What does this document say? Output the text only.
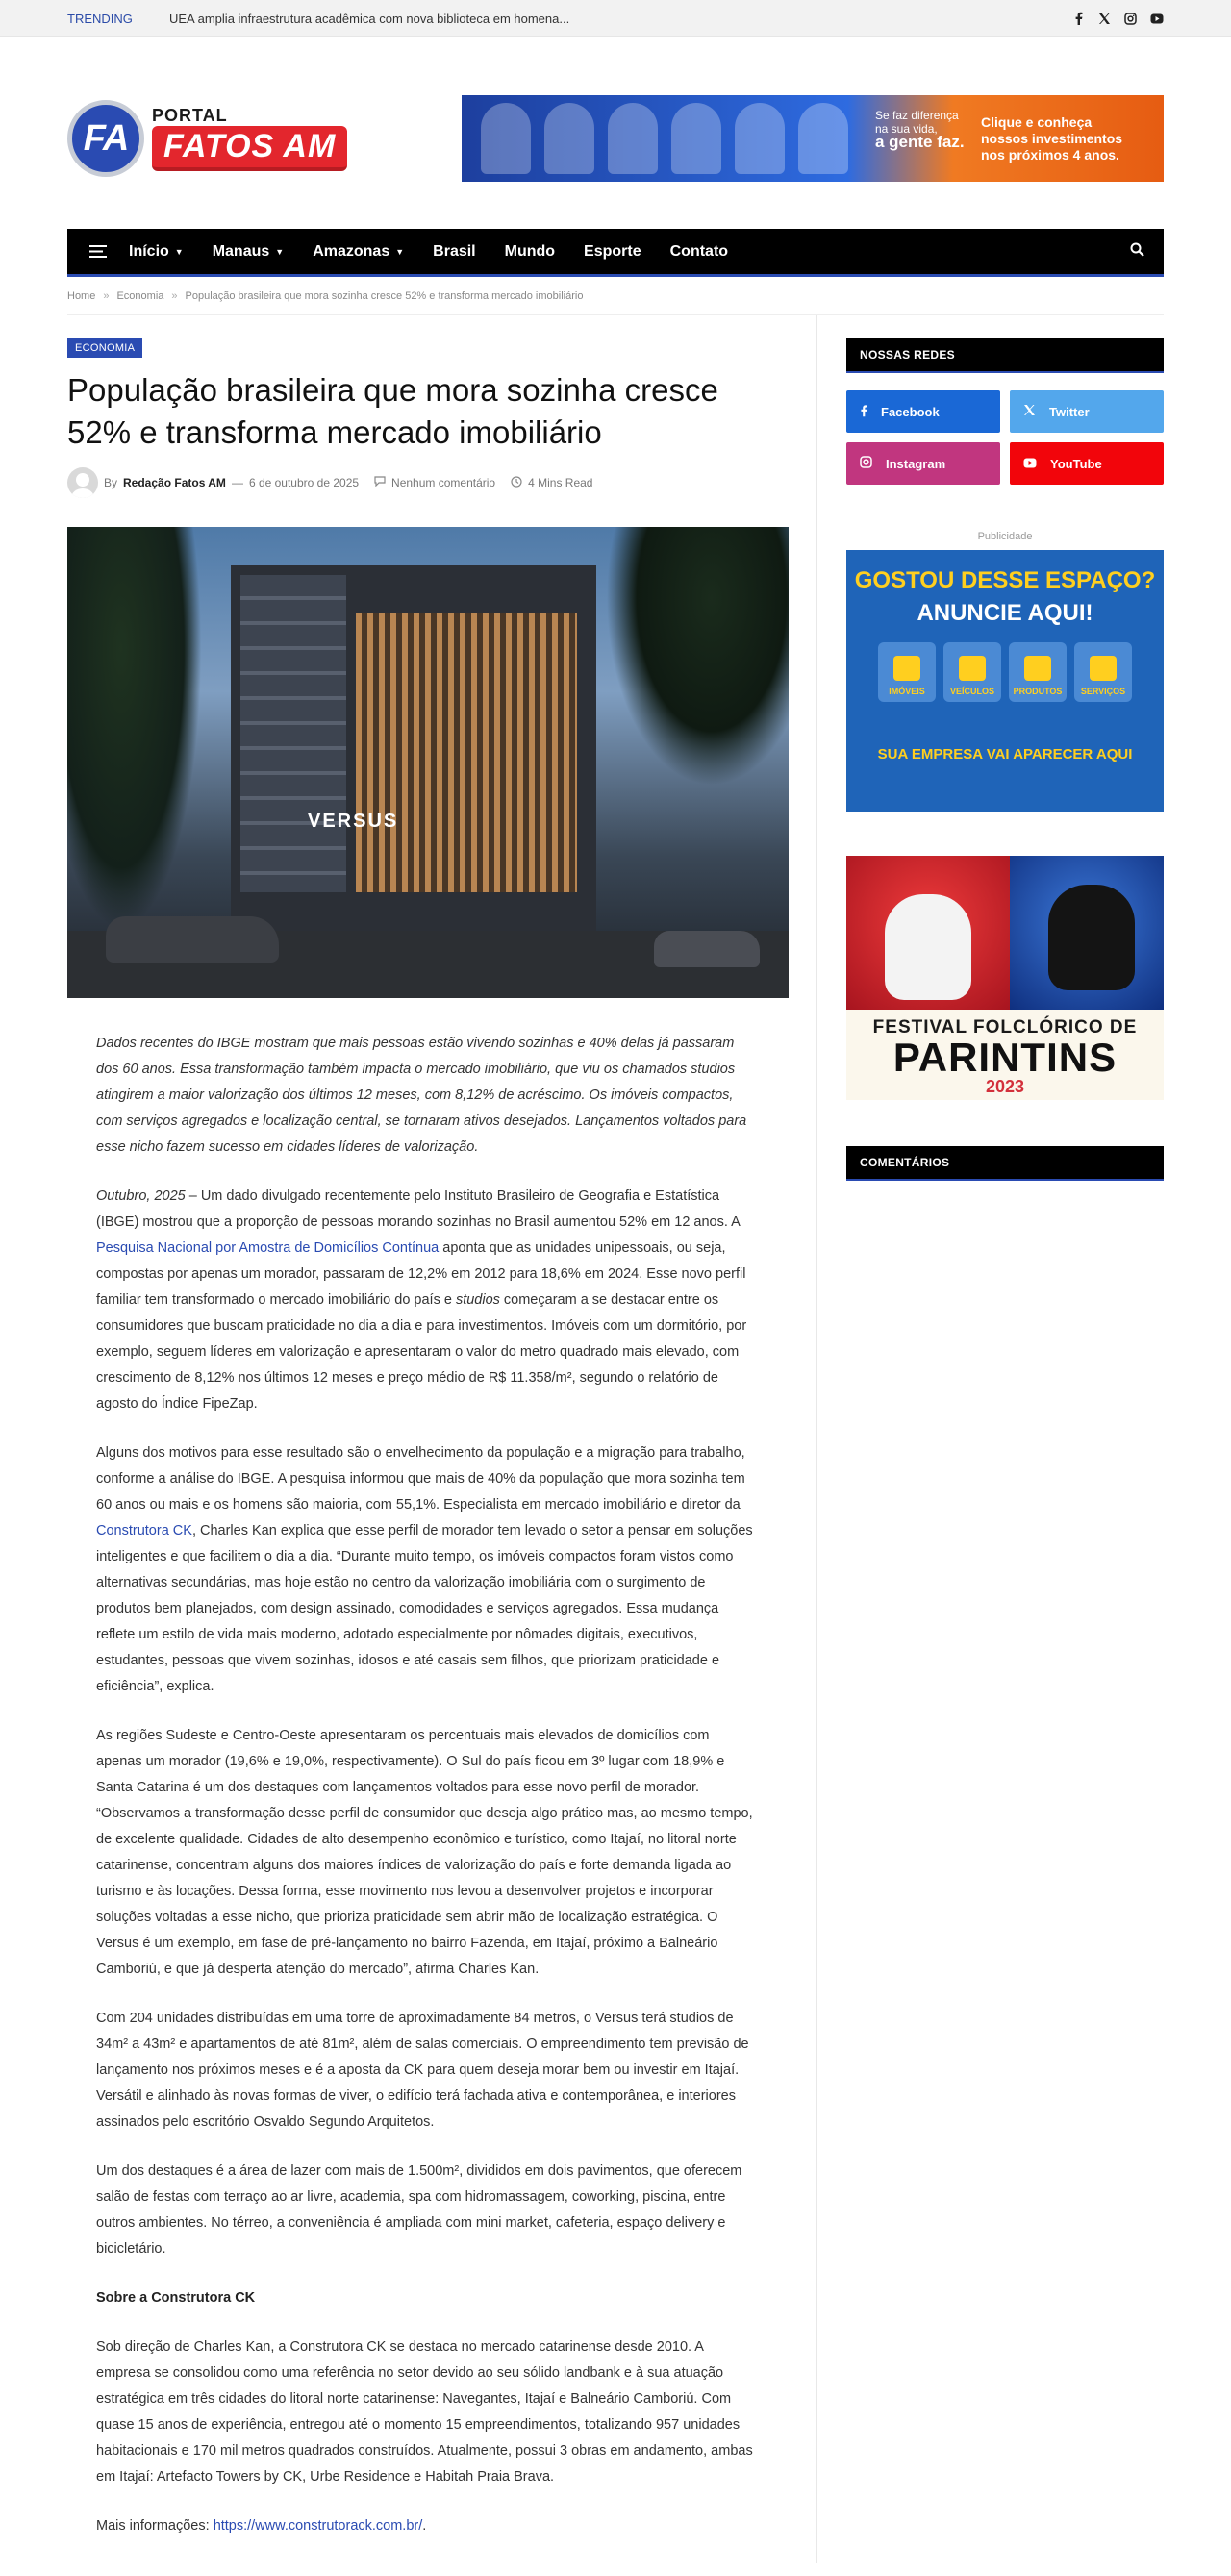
TRENDING	UEA amplia infraestrutura acadêmica com nova biblioteca em homena...
FA
PORTAL
FATOS AM
Se faz diferença
na sua vida,
a gente faz.
Clique e conheça
nossos investimentos
nos próximos 4 anos.
Início ▼ Manaus ▼ Amazonas ▼ Brasil Mundo Esporte Contato
Home » Economia » População brasileira que mora sozinha cresce 52% e transforma mercado imobiliário
ECONOMIA
População brasileira que mora sozinha cresce 52% e transforma mercado imobiliário
By Redação Fatos AM — 6 de outubro de 2025	Nenhum comentário	4 Mins Read
VERSUS

Dados recentes do IBGE mostram que mais pessoas estão vivendo sozinhas e 40% delas já passaram dos 60 anos. Essa transformação também impacta o mercado imobiliário, que viu os chamados studios atingirem a maior valorização dos últimos 12 meses, com 8,12% de acréscimo. Os imóveis compactos, com serviços agregados e localização central, se tornaram ativos desejados. Lançamentos voltados para esse nicho fazem sucesso em cidades líderes de valorização.

Outubro, 2025 – Um dado divulgado recentemente pelo Instituto Brasileiro de Geografia e Estatística (IBGE) mostrou que a proporção de pessoas morando sozinhas no Brasil aumentou 52% em 12 anos. A Pesquisa Nacional por Amostra de Domicílios Contínua aponta que as unidades unipessoais, ou seja, compostas por apenas um morador, passaram de 12,2% em 2012 para 18,6% em 2024. Esse novo perfil familiar tem transformado o mercado imobiliário do país e studios começaram a se destacar entre os consumidores que buscam praticidade no dia a dia e para investimentos. Imóveis com um dormitório, por exemplo, seguem líderes em valorização e apresentaram o valor do metro quadrado mais elevado, com crescimento de 8,12% nos últimos 12 meses e preço médio de R$ 11.358/m², segundo o relatório de agosto do Índice FipeZap.

Alguns dos motivos para esse resultado são o envelhecimento da população e a migração para trabalho, conforme a análise do IBGE. A pesquisa informou que mais de 40% da população que mora sozinha tem 60 anos ou mais e os homens são maioria, com 55,1%. Especialista em mercado imobiliário e diretor da Construtora CK, Charles Kan explica que esse perfil de morador tem levado o setor a pensar em soluções inteligentes e que facilitem o dia a dia. “Durante muito tempo, os imóveis compactos foram vistos como alternativas secundárias, mas hoje estão no centro da valorização imobiliária com o surgimento de produtos bem planejados, com design assinado, comodidades e serviços agregados. Essa mudança reflete um estilo de vida mais moderno, adotado especialmente por nômades digitais, executivos, estudantes, pessoas que vivem sozinhas, idosos e até casais sem filhos, que priorizam praticidade e eficiência”, explica.

As regiões Sudeste e Centro-Oeste apresentaram os percentuais mais elevados de domicílios com apenas um morador (19,6% e 19,0%, respectivamente). O Sul do país ficou em 3º lugar com 18,9% e Santa Catarina é um dos destaques com lançamentos voltados para esse novo perfil de morador. “Observamos a transformação desse perfil de consumidor que deseja algo prático mas, ao mesmo tempo, de excelente qualidade. Cidades de alto desempenho econômico e turístico, como Itajaí, no litoral norte catarinense, concentram alguns dos maiores índices de valorização do país e forte demanda ligada ao turismo e às locações. Dessa forma, esse movimento nos levou a desenvolver projetos e incorporar soluções voltadas a esse nicho, que prioriza praticidade sem abrir mão de localização estratégica. O Versus é um exemplo, em fase de pré-lançamento no bairro Fazenda, em Itajaí, próximo a Balneário Camboriú, e que já desperta atenção do mercado”, afirma Charles Kan.

Com 204 unidades distribuídas em uma torre de aproximadamente 84 metros, o Versus terá studios de 34m² a 43m² e apartamentos de até 81m², além de salas comerciais. O empreendimento tem previsão de lançamento nos próximos meses e é a aposta da CK para quem deseja morar bem ou investir em Itajaí. Versátil e alinhado às novas formas de viver, o edifício terá fachada ativa e contemporânea, e interiores assinados pelo escritório Osvaldo Segundo Arquitetos.

Um dos destaques é a área de lazer com mais de 1.500m², divididos em dois pavimentos, que oferecem salão de festas com terraço ao ar livre, academia, spa com hidromassagem, coworking, piscina, entre outros ambientes. No térreo, a conveniência é ampliada com mini market, cafeteria, espaço delivery e bicicletário.

Sobre a Construtora CK

Sob direção de Charles Kan, a Construtora CK se destaca no mercado catarinense desde 2010. A empresa se consolidou como uma referência no setor devido ao seu sólido landbank e à sua atuação estratégica em três cidades do litoral norte catarinense: Navegantes, Itajaí e Balneário Camboriú. Com quase 15 anos de experiência, entregou até o momento 15 empreendimentos, totalizando 957 unidades habitacionais e 170 mil metros quadrados construídos. Atualmente, possui 3 obras em andamento, ambas em Itajaí: Artefacto Towers by CK, Urbe Residence e Habitah Praia Brava.

Mais informações: https://www.construtorack.com.br/.

NOSSAS REDES
Facebook	Twitter
Instagram	YouTube
Publicidade
GOSTOU DESSE ESPAÇO?
ANUNCIE AQUI!
IMÓVEIS	VEÍCULOS PRODUTOS SERVIÇOS
SUA EMPRESA VAI APARECER AQUI
FESTIVAL FOLCLÓRICO DE
PARINTINS
2023
COMENTÁRIOS
